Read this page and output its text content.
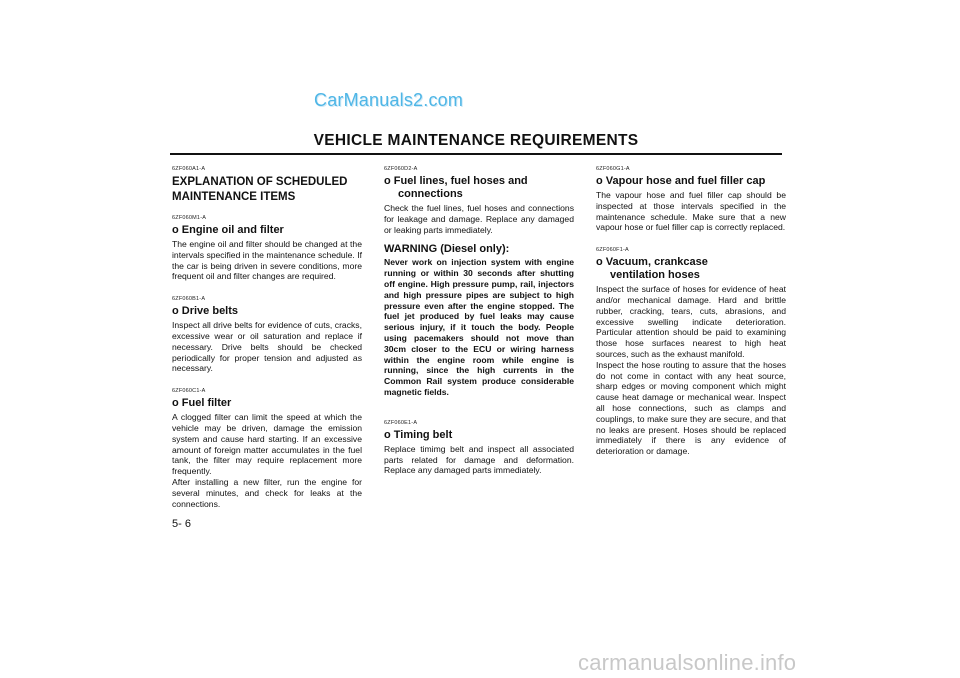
CarManuals2.com
VEHICLE MAINTENANCE REQUIREMENTS

6ZF060A1-A

EXPLANATION OF SCHEDULED MAINTENANCE ITEMS

6ZF060M1-A

o Engine oil and filter

The engine oil and filter should be changed at the intervals specified in the maintenance schedule. If the car is being driven in severe conditions, more frequent oil and filter changes are required.

6ZF060B1-A

o Drive belts

Inspect all drive belts for evidence of cuts, cracks, excessive wear or oil saturation and replace if necessary. Drive belts should be checked periodically for proper tension and adjusted as necessary.

6ZF060C1-A

o Fuel filter

A clogged filter can limit the speed at which the vehicle may be driven, damage the emission system and cause hard starting. If an excessive amount of foreign matter accumulates in the fuel tank, the filter may require replacement more frequently.

After installing a new filter, run the engine for several minutes, and check for leaks at the connections.

6ZF060D2-A

o Fuel lines, fuel hoses and
connections

Check the fuel lines, fuel hoses and connections for leakage and damage. Replace any damaged or leaking parts immediately.

WARNING (Diesel only):

Never work on injection system with engine running or within 30 seconds after shutting off engine. High pressure pump, rail, injectors and high pressure pipes are subject to high pressure even after the engine stopped. The fuel jet produced by fuel leaks may cause serious injury, if it touch the body. People using pacemakers should not move than 30cm closer to the ECU or wiring harness within the engine room while engine is running, since the high currents in the Common Rail system produce considerable magnetic fields.

6ZF060E1-A

o Timing belt

Replace timimg belt and inspect all associated parts related for damage and deformation. Replace any damaged parts immediately.

6ZF060G1-A

o Vapour hose and fuel filler cap

The vapour hose and fuel filler cap should be inspected at those intervals specified in the maintenance schedule. Make sure that a new vapour hose or fuel filler cap is correctly replaced.

6ZF060F1-A

o Vacuum, crankcase
ventilation hoses

Inspect the surface of hoses for evidence of heat and/or mechanical damage. Hard and brittle rubber, cracking, tears, cuts, abrasions, and excessive swelling indicate deterioration. Particular attention should be paid to examining those hose surfaces nearest to high heat sources, such as the exhaust manifold.

Inspect the hose routing to assure that the hoses do not come in contact with any heat source, sharp edges or moving component which might cause heat damage or mechanical wear. Inspect all hose connections, such as clamps and couplings, to make sure they are secure, and that no leaks are present. Hoses should be replaced immediately if there is any evidence of deterioration or damage.

5- 6
carmanualsonline.info
